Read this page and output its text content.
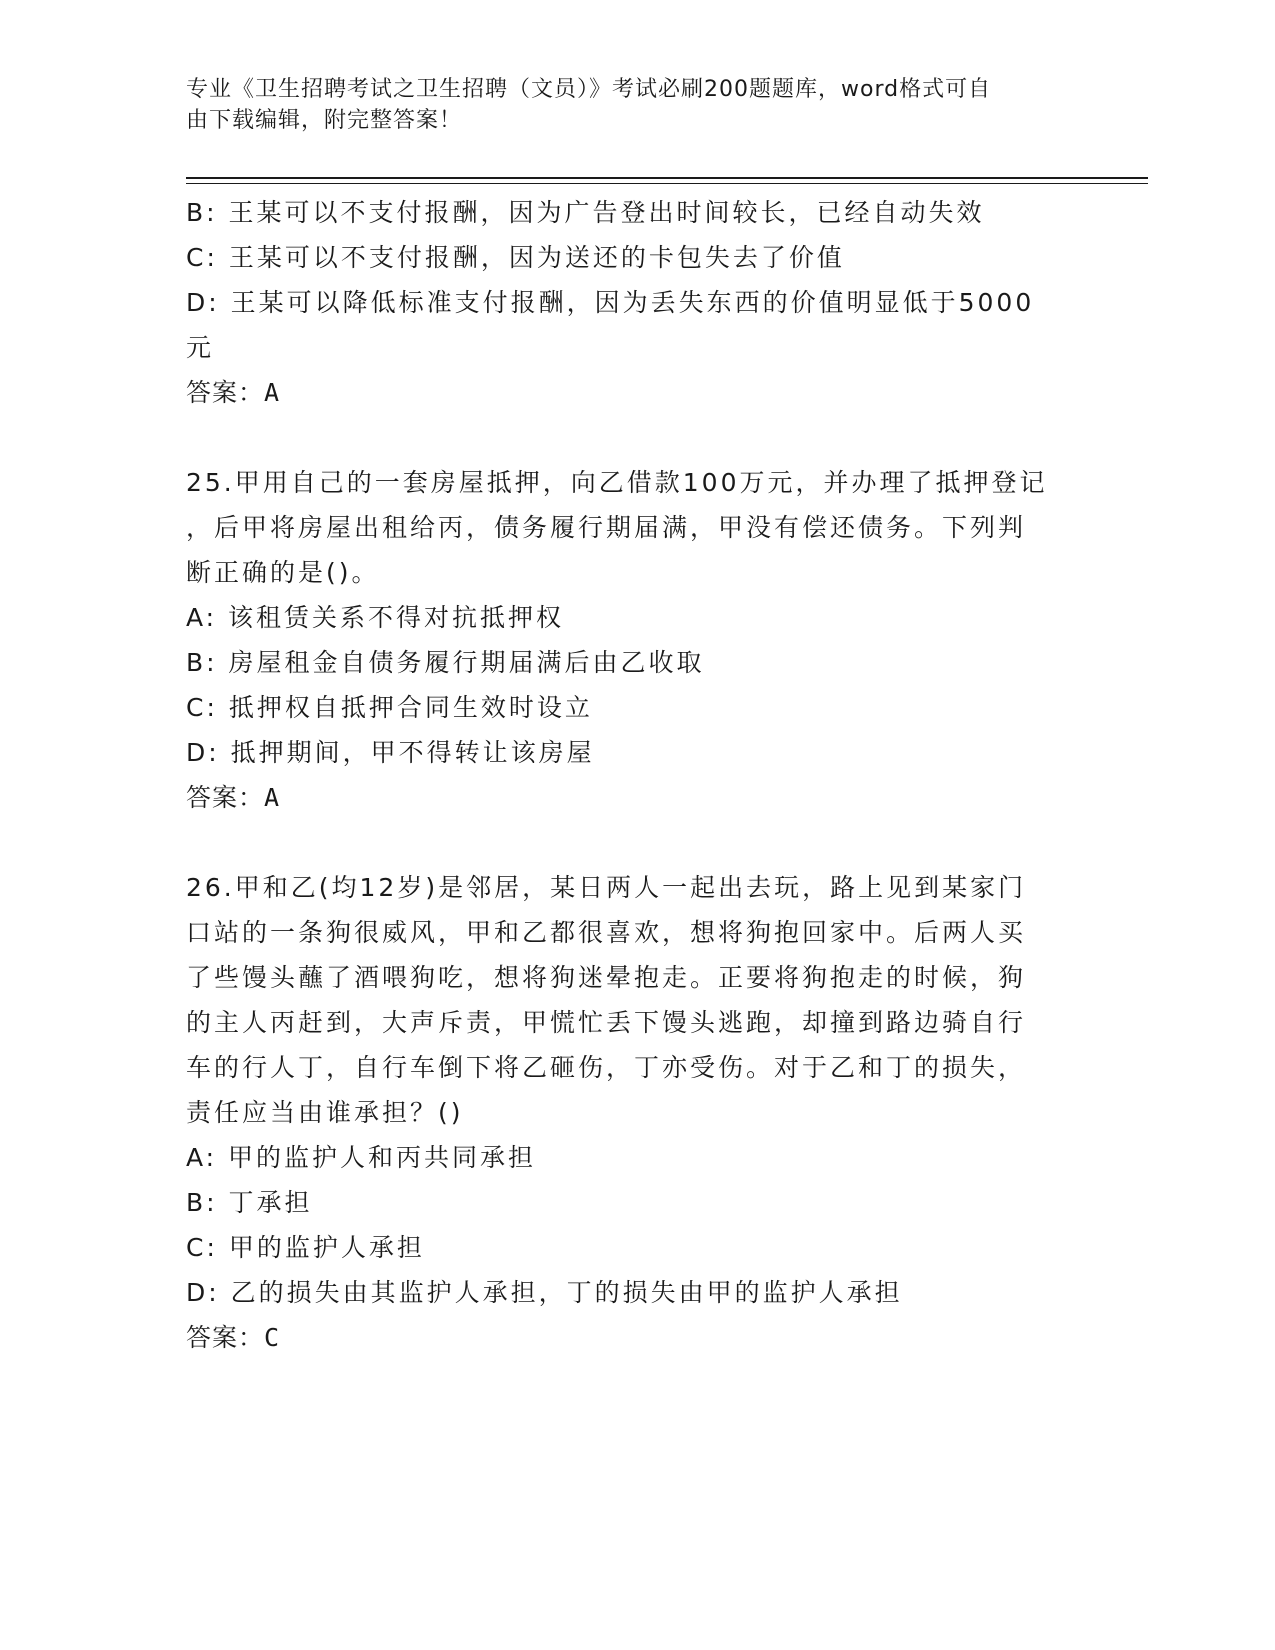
专业《卫生招聘考试之卫生招聘（文员）》考试必刷200题题库，word格式可自
由下载编辑，附完整答案！

B: 王某可以不支付报酬，因为广告登出时间较长，已经自动失效

C: 王某可以不支付报酬，因为送还的卡包失去了价值

D: 王某可以降低标准支付报酬，因为丢失东西的价值明显低于5000

元

答案：A

25.甲用自己的一套房屋抵押，向乙借款100万元，并办理了抵押登记

，后甲将房屋出租给丙，债务履行期届满，甲没有偿还债务。下列判

断正确的是()。

A: 该租赁关系不得对抗抵押权

B: 房屋租金自债务履行期届满后由乙收取

C: 抵押权自抵押合同生效时设立

D: 抵押期间，甲不得转让该房屋

答案：A

26.甲和乙(均12岁)是邻居，某日两人一起出去玩，路上见到某家门

口站的一条狗很威风，甲和乙都很喜欢，想将狗抱回家中。后两人买

了些馒头蘸了酒喂狗吃，想将狗迷晕抱走。正要将狗抱走的时候，狗

的主人丙赶到，大声斥责，甲慌忙丢下馒头逃跑，却撞到路边骑自行

车的行人丁，自行车倒下将乙砸伤，丁亦受伤。对于乙和丁的损失，

责任应当由谁承担？()

A: 甲的监护人和丙共同承担

B: 丁承担

C: 甲的监护人承担

D: 乙的损失由其监护人承担，丁的损失由甲的监护人承担

答案：C
